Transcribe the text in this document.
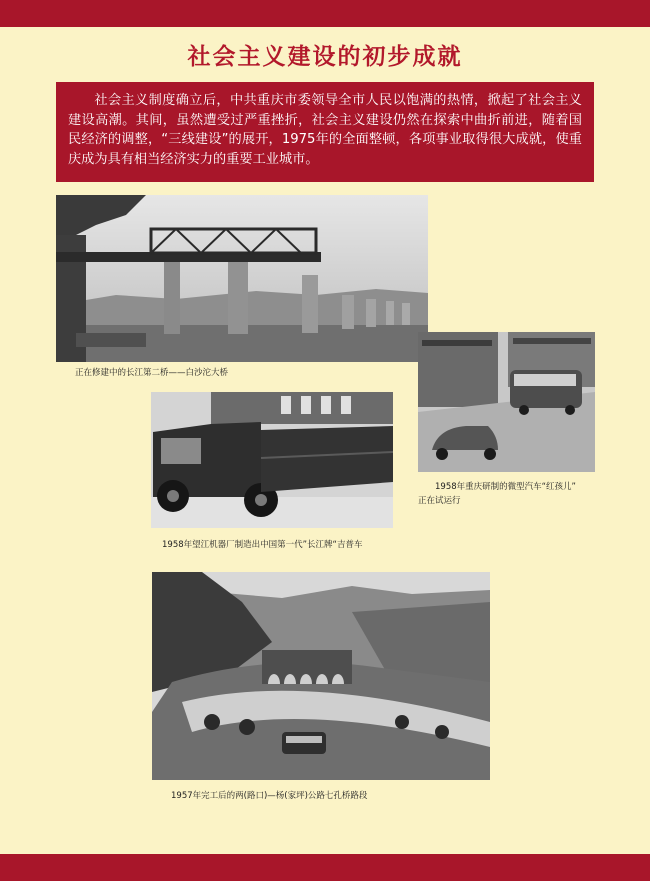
社会主义建设的初步成就
社会主义制度确立后，中共重庆市委领导全市人民以饱满的热情，掀起了社会主义建设高潮。其间，虽然遭受过严重挫折，社会主义建设仍然在探索中曲折前进，随着国民经济的调整，“三线建设”的展开，1975年的全面整顿，各项事业取得很大成就，使重庆成为具有相当经济实力的重要工业城市。
正在修建中的长江第二桥——白沙沱大桥
1958年重庆研制的微型汽车“红孩儿”
正在试运行
1958年望江机器厂制造出中国第一代”长江牌“吉普车
1957年完工后的两(路口)—杨(家坪)公路七孔桥路段
